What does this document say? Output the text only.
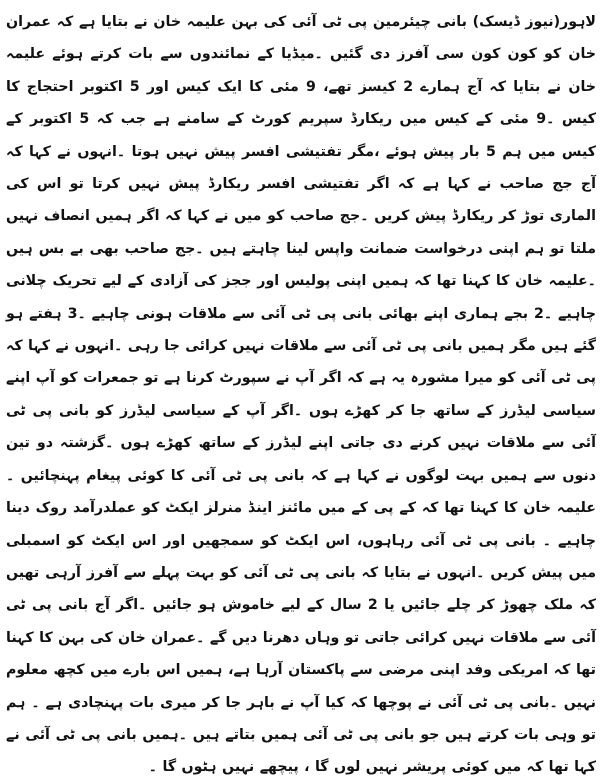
لاہور(نیوز ڈیسک) بانی چیئرمین پی ٹی آئی کی بہن علیمہ خان نے بتایا ہے کہ عمران خان کو کون کون سی آفرز دی گئیں ۔میڈیا کے نمائندوں سے بات کرتے ہوئے علیمہ خان نے بتایا کہ آج ہمارے 2 کیسز تھے، 9 مئی کا ایک کیس اور 5 اکتوبر احتجاج کا کیس ۔9 مئی کے کیس میں ریکارڈ سپریم کورٹ کے سامنے ہے جب کہ 5 اکتوبر کے کیس میں ہم 5 بار پیش ہوئے ،مگر تفتیشی افسر پیش نہیں ہوتا ۔انہوں نے کہا کہ آج جج صاحب نے کہا ہے کہ اگر تفتیشی افسر ریکارڈ پیش نہیں کرتا تو اس کی الماری توڑ کر ریکارڈ پیش کریں ۔جج صاحب کو میں نے کہا کہ اگر ہمیں انصاف نہیں ملتا تو ہم اپنی درخواست ضمانت واپس لینا چاہتے ہیں ۔جج صاحب بھی بے بس ہیں ۔علیمہ خان کا کہنا تھا کہ ہمیں اپنی پولیس اور ججز کی آزادی کے لیے تحریک چلانی چاہیے ۔2 بجے ہماری اپنے بھائی بانی پی ٹی آئی سے ملاقات ہونی چاہیے ۔3 ہفتے ہو گئے ہیں مگر ہمیں بانی پی ٹی آئی سے ملاقات نہیں کرائی جا رہی ۔انہوں نے کہا کہ پی ٹی آئی کو میرا مشورہ یہ ہے کہ اگر آپ نے سپورٹ کرنا ہے تو جمعرات کو آپ اپنے سیاسی لیڈرز کے ساتھ جا کر کھڑے ہوں ۔اگر آپ کے سیاسی لیڈرز کو بانی پی ٹی آئی سے ملاقات نہیں کرنے دی جاتی اپنے لیڈرز کے ساتھ کھڑے ہوں ۔گزشتہ دو تین دنوں سے ہمیں بہت لوگوں نے کہا ہے کہ بانی پی ٹی آئی کا کوئی پیغام پہنچائیں ۔علیمہ خان کا کہنا تھا کہ کے پی کے میں مائنز اینڈ منرلز ایکٹ کو عملدرآمد روک دینا چاہیے ۔ بانی پی ٹی آئی رہاہوں، اس ایکٹ کو سمجھیں اور اس ایکٹ کو اسمبلی میں پیش کریں ۔انہوں نے بتایا کہ بانی پی ٹی آئی کو بہت پہلے سے آفرز آرہی تھیں کہ ملک چھوڑ کر چلے جائیں یا 2 سال کے لیے خاموش ہو جائیں ۔اگر آج بانی پی ٹی آئی سے ملاقات نہیں کرائی جاتی تو وہاں دھرنا دیں گے ۔عمران خان کی بہن کا کہنا تھا کہ امریکی وفد اپنی مرضی سے پاکستان آرہا ہے، ہمیں اس بارے میں کچھ معلوم نہیں ۔بانی پی ٹی آئی نے پوچھا کہ کیا آپ نے باہر جا کر میری بات پہنچادی ہے ۔ ہم تو وہی بات کرتے ہیں جو بانی پی ٹی آئی ہمیں بتاتے ہیں ۔ہمیں بانی پی ٹی آئی نے کہا تھا کہ میں کوئی پریشر نہیں لوں گا ، پیچھے نہیں ہٹوں گا ۔
